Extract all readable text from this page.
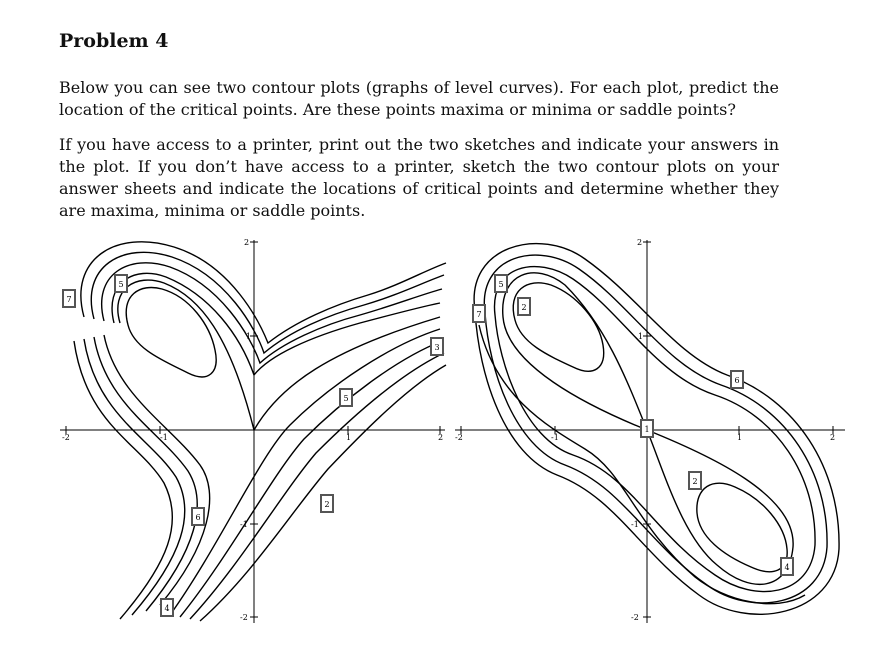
Problem 4
Below you can see two contour plots (graphs of level curves). For each plot, predict the location of the critical points. Are these points maxima or minima or saddle points?
If you have access to a printer, print out the two sketches and indicate your answers in the plot. If you don’t have access to a printer, sketch the two contour plots on your answer sheets and indicate the locations of critical points and determine whether they are maxima, minima or saddle points.
-2	-1	1	2
2
1
-1
-2
7
5
3
5
6
2
4
-2	-1	1	2
2
1
-1
-2
5
7
2
1
6
2
4
